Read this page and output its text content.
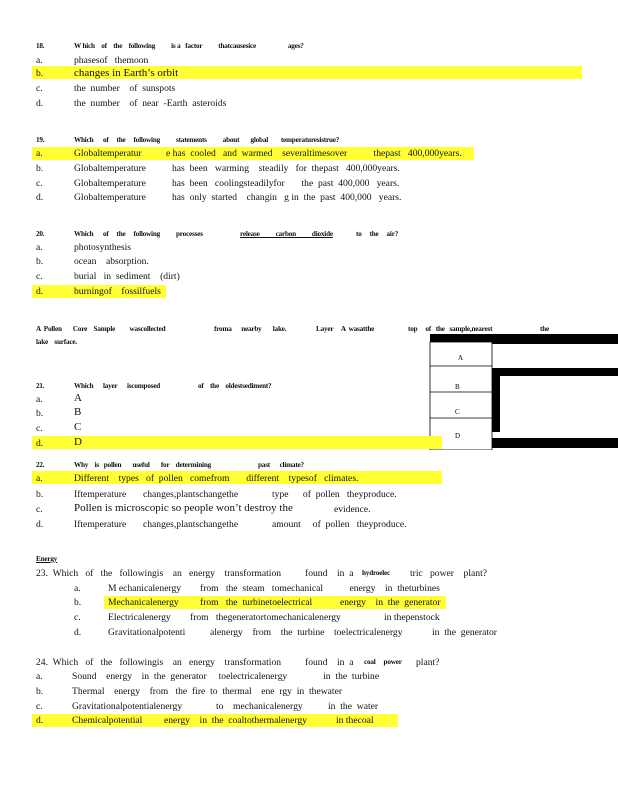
18.	W hich    of    the    following          is a   factor          thatcausesice                    ages?
a.	phasesof   themoon
b.	changes in Earth’s orbit
c.	the  number    of  sunspots
d.	the  number    of  near  -Earth  asteroids
19.	Which      of     the     following          statements          about       global        temperaturesistrue?
a.	Globaltemperatur	e has  cooled   and  warmed    severaltimesover           thepast   400,000years.
b.	Globaltemperature	has  been   warming    steadily   for  thepast   400,000years.
c.	Globaltemperature	has  been   coolingsteadilyfor       the  past  400,000   years.
d.	Globaltemperature	has  only  started    changin   g in  the  past  400,000   years.
20.	Which      of     the     following          processes	release          carbon          dioxide	to     the     air?
a.	photosynthesis
b.	ocean    absorption.
c.	burial   in  sediment    (dirt)
d.	burningof    fossilfuels
A  Pollen       Core    Sample         wascollected	froma      nearby       lake.	Layer     A  wasatthe	top     of   the   sample,nearest	the
lake    surface.
A
B
C
D
21.	Which      layer      iscomposed	of    the    oldestsediment?
a.	A
b.	B
c.	C
d.	D
22.	Why    is   pollen       useful       for    determining	past      climate?
a.	Different    types   of  pollen   comefrom       different    typesof   climates.
b.	Iftemperature       changes,plantschangethe	type      of  pollen   theyproduce.
c.	Pollen is microscopic so people won’t destroy the	evidence.
d.	Iftemperature       changes,plantschangethe	amount     of  pollen   theyproduce.
Energy
23.  Which   of   the   followingis    an   energy    transformation          found    in  a hydroelec tric   power    plant?
a.	M echanicalenergy from   the  steam   tomechanical           energy    in  theturbines
b.	Mechanicalenergy from   the  turbinetoelectrical	energy    in  the  generator
c.	Electricalenergy from   thegeneratortomechanicalenergy	in thepenstock
d.	Gravitationalpotenti	alenergy    from    the  turbine    toelectricalenergy	in  the  generator
24.  Which   of   the   followingis    an   energy    transformation          found    in  a coal     power plant?
a.	Sound    energy    in  the  generator     toelectricalenergy               in  the  turbine
b.	Thermal    energy    from   the  fire  to  thermal    ene  rgy  in  thewater
c.	Gravitationalpotentialenergy	to    mechanicalenergy	in  the  water
d.	Chemicalpotential energy    in  the  coaltothermalenergy	in thecoal
